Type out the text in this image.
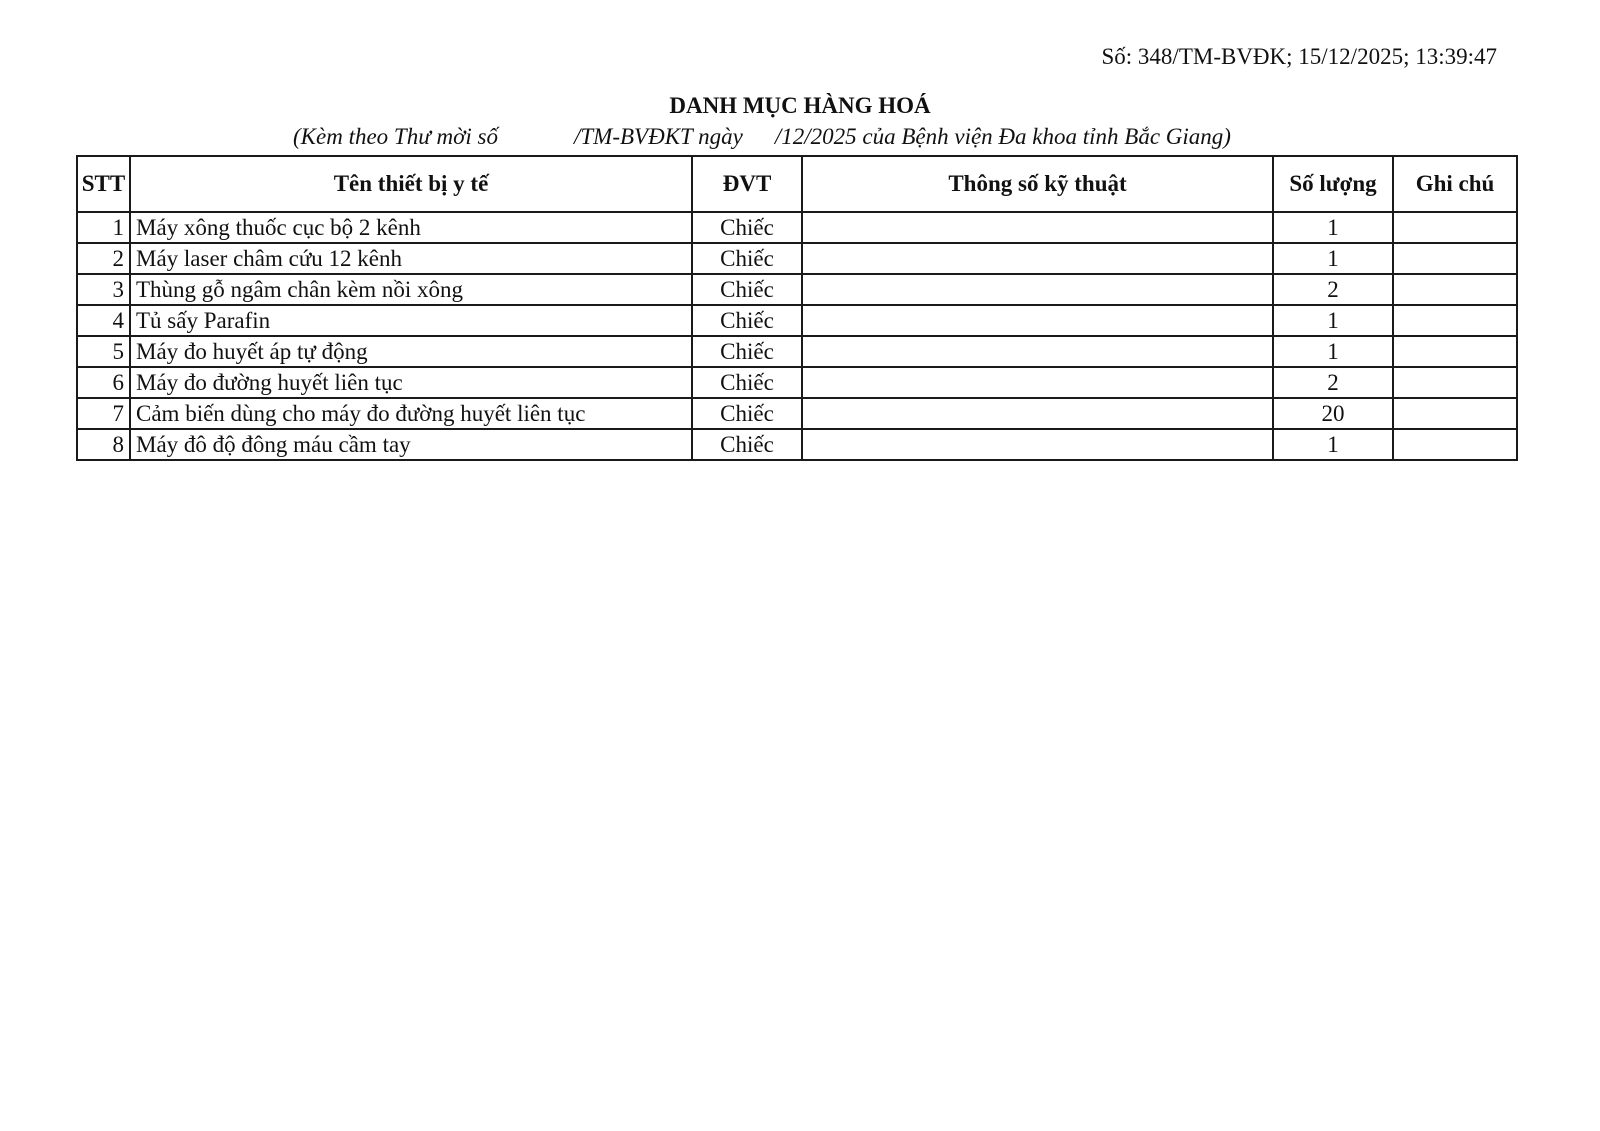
Số: 348/TM-BVĐK; 15/12/2025; 13:39:47
DANH MỤC HÀNG HOÁ
(Kèm theo Thư mời số	/TM-BVĐKT ngày /12/2025 của Bệnh viện Đa khoa tỉnh Bắc Giang)
STT	Tên thiết bị y tế	ĐVT	Thông số kỹ thuật	Số lượng	Ghi chú
1	Máy xông thuốc cục bộ 2 kênh	Chiếc		1	
2	Máy laser châm cứu 12 kênh	Chiếc		1	
3	Thùng gỗ ngâm chân kèm nồi xông	Chiếc		2	
4	Tủ sấy Parafin	Chiếc		1	
5	Máy đo huyết áp tự động	Chiếc		1	
6	Máy đo đường huyết liên tục	Chiếc		2	
7	Cảm biến dùng cho máy đo đường huyết liên tục	Chiếc		20	
8	Máy đô độ đông máu cầm tay	Chiếc		1	
